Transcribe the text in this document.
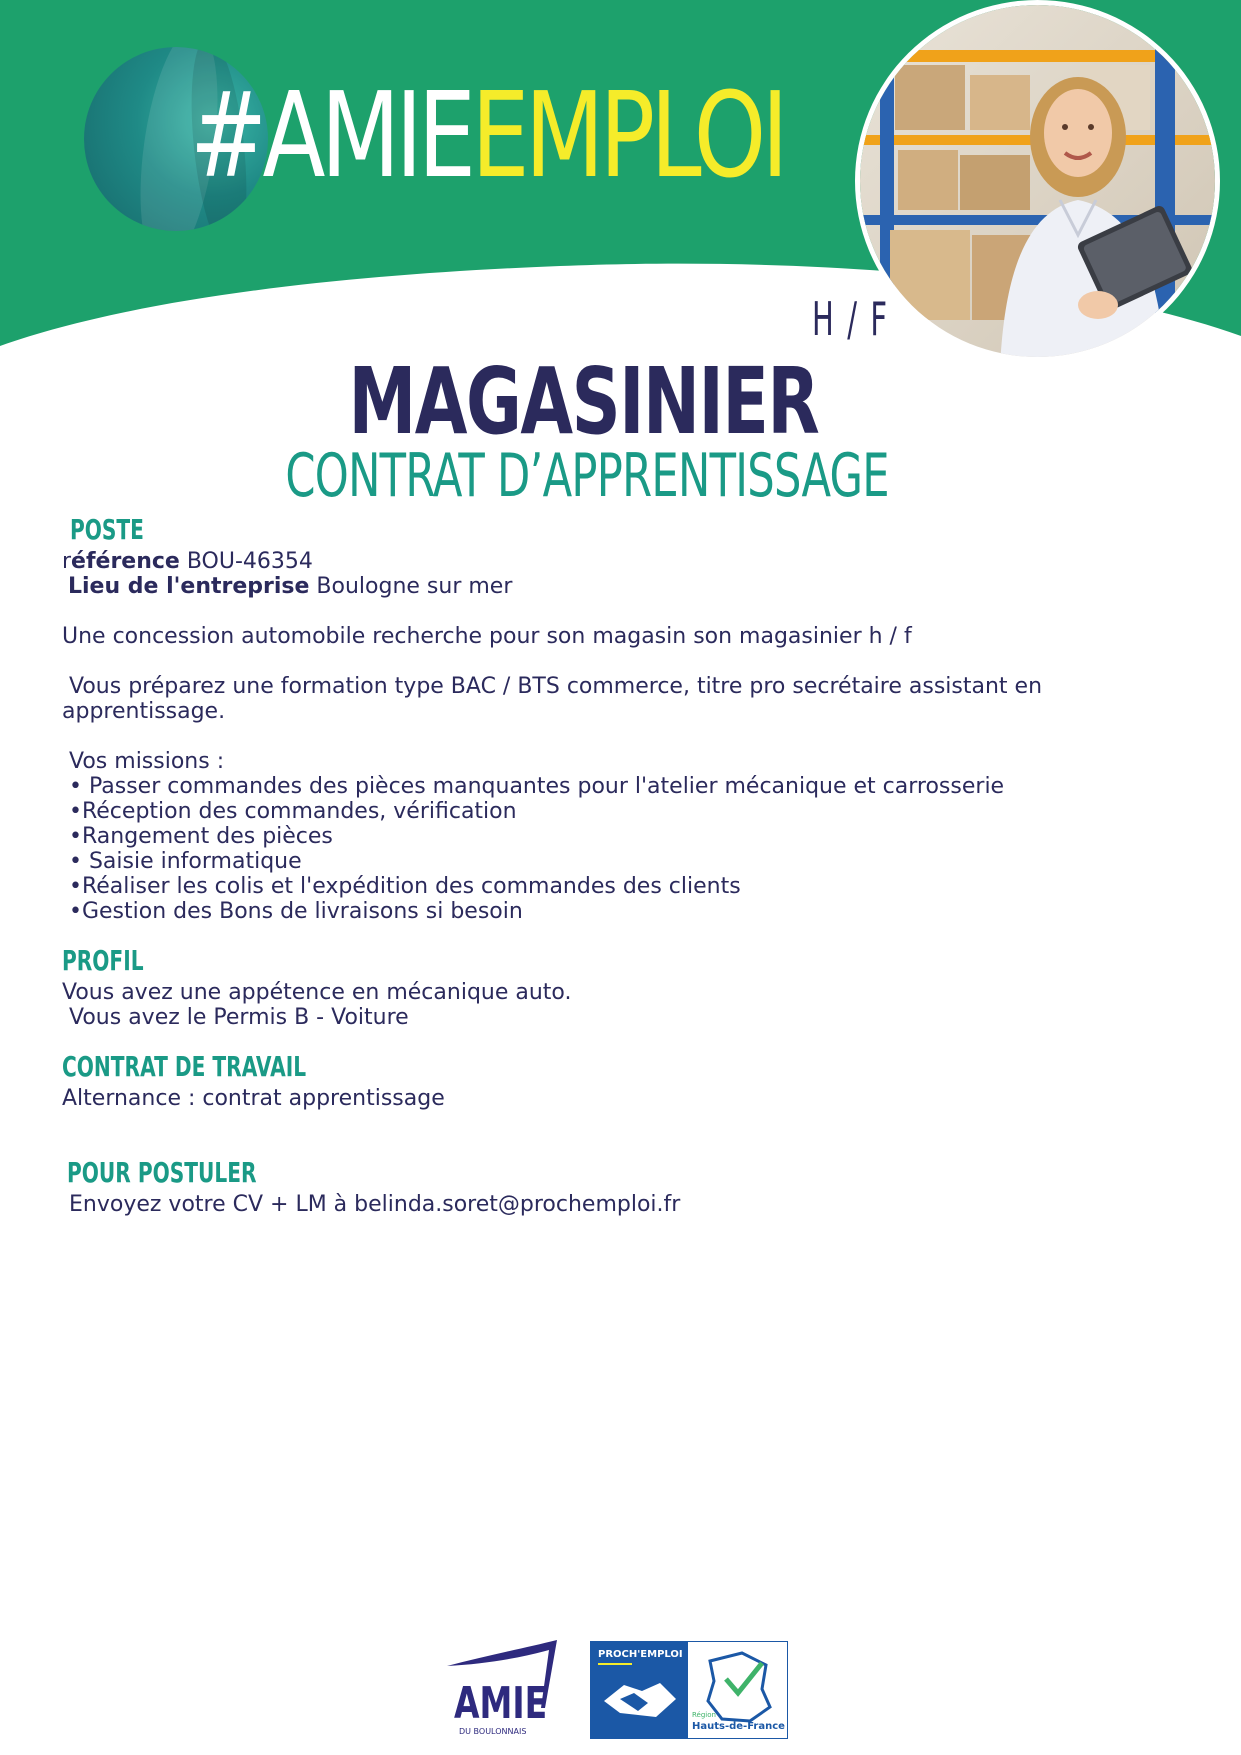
#AMIEEMPLOI
H / F
MAGASINIER
CONTRAT D’APPRENTISSAGE
POSTE
référence BOU-46354
Lieu de l'entreprise Boulogne sur mer
Une concession automobile recherche pour son magasin son magasinier h / f
Vous préparez une formation type BAC / BTS commerce, titre pro secrétaire assistant en
apprentissage.
Vos missions :
• Passer commandes des pièces manquantes pour l'atelier mécanique et carrosserie
•Réception des commandes, vérification
•Rangement des pièces
• Saisie informatique
•Réaliser les colis et l'expédition des commandes des clients
•Gestion des Bons de livraisons si besoin
PROFIL
Vous avez une appétence en mécanique auto.
Vous avez le Permis B - Voiture
CONTRAT DE TRAVAIL
Alternance : contrat apprentissage
POUR POSTULER
Envoyez votre CV + LM à belinda.soret@prochemploi.fr
AMIE
DU BOULONNAIS
PROCH'EMPLOI
Région
Hauts-de-France
